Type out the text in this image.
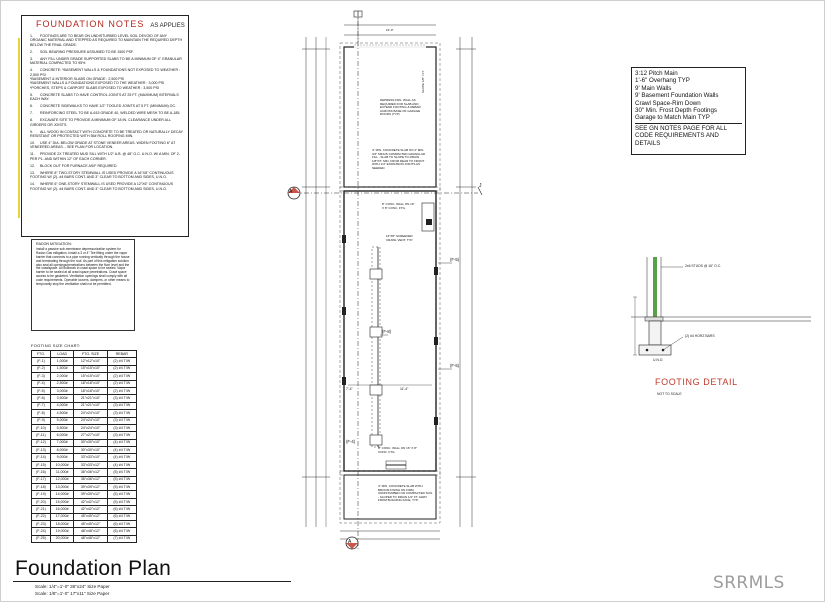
FOUNDATION NOTES AS APPLIES
1. FOOTINGS ARE TO BEAR ON UNDISTURBED LEVEL SOIL DEVOID OF ANY ORGANIC MATERIAL AND STEPPED AS REQUIRED TO MAINTAIN THE REQUIRED DEPTH BELOW THE FINAL GRADE.
2. SOIL BEARING PRESSURE ASSUMED TO BE 1500 PSF.
3. ANY FILL UNDER GRADE SUPPORTED SLABS TO BE A MINIMUM OF 4" GRANULAR MATERIAL COMPACTED TO 95%
4. CONCRETE: *BASEMENT WALLS & FOUNDATIONS NOT EXPOSED TO WEATHER : 2,500 PSI
*BASEMENT & INTERIOR SLABS ON GRADE : 2,500 PSI
*BASEMENT WALLS & FOUNDATIONS EXPOSED TO THE WEATHER : 3,000 PSI
*PORCHES, STEPS & CARPORT SLABS EXPOSED TO WEATHER : 3,500 PSI
5. CONCRETE SLABS TO HAVE CONTROL JOINTS AT 25 FT. (MAXIMUM) INTERVALS EACH WAY.
6. CONCRETE SIDEWALKS TO HAVE 1/2" TOOLED JOINTS AT 5 FT. (MINIMUM) OC.
7. REINFORCING STEEL TO BE A-615 GRADE 40, WELDED WIRE MESH TO BE A-185.
8. EXCAVATE SITE TO PROVIDE A MINIMUM OF 18 IN. CLEARANCE UNDER ALL GIRDERS OR JOISTS.
9. ALL WOOD IN CONTACT WITH CONCRETE TO BE TREATED OR NATURALLY DECAY RESISTANT OR PROTECTED WITH 55# ROLL ROOFING MIN.
10. USE 4" DIA. BELOW GRADE AT STONE VENEER AREAS. WIDEN FOOTING 6" AT VENEERED AREAS. - SEE PLAN FOR LOCATION.
11. PROVIDE 2X TREATED MUD SILL WITH 1/2" A.B. @ 48" O.C. U.N.O. W/ A MIN. OF 2-PER PL. AND WITHIN 12" OF EACH CORNER.
12. BLOCK OUT FOR FURNACE AS/F REQUIRED.
13. WHERE 8" TWO-STORY STEMWALL IS USED PROVIDE A 16"X8" CONTINUOUS FOOTING W/ (2)- #4 BARS CONT. AND 3" CLEAR TO BOTTOM AND SIDES, U.N.O.
14. WHERE 6" ONE-STORY STEMWALL IS USED PROVIDE A 12"X6" CONTINUOUS FOOTING W/ (2)- #4 BARS CONT. AND 3" CLEAR TO BOTTOM AND SIDES, U.N.O.
RADON MITIGATION:
Install a passive sub-membrane depressurization system for Radon Gas mitigation. Install a 3 or 4" Tee fitting under the vapor barrier that connects to a pipe running vertically through the house and terminating through the roof. As part of this mitigation solution also seal all openings/penetrations between the floor level and the the crawlspace. All ductwork in crawl space to be sealed. Vapor barrier to be sealed at all crawl space penetrations. Crawl space access to be gasketed. Ventilation openings shall comply with all code requirements. Operable louvers, dampers, or other means to temporarily stop the ventilation shall not be permitted.
FOOTING SIZE CHART:
FTG.	LOAD	FTG. SIZE	REBAR
(F-1)	1,000#	12"x12"x10"	(2) #4 T/W
(F-2)	1,500#	15"x15"x10"	(2) #4 T/W
(F-3)	2,000#	15"x15"x10"	(2) #4 T/W
(F-4)	2,500#	18"x18"x10"	(2) #4 T/W
(F-5)	3,000#	18"x18"x10"	(2) #4 T/W
(F-6)	3,500#	21"x21"x10"	(3) #4 T/W
(F-7)	4,000#	21"x21"x10"	(3) #4 T/W
(F-8)	4,500#	24"x24"x10"	(3) #4 T/W
(F-9)	5,000#	24"x24"x10"	(3) #4 T/W
(F-10)	5,500#	24"x24"x10"	(3) #4 T/W
(F-11)	6,000#	27"x27"x10"	(3) #4 T/W
(F-12)	7,000#	30"x30"x10"	(4) #4 T/W
(F-13)	8,000#	30"x30"x10"	(4) #4 T/W
(F-14)	9,000#	33"x33"x10"	(4) #4 T/W
(F-15)	10,000#	33"x33"x12"	(4) #4 T/W
(F-16)	11,000#	36"x36"x12"	(5) #4 T/W
(F-17)	12,000#	36"x36"x12"	(5) #4 T/W
(F-18)	13,000#	39"x39"x12"	(5) #4 T/W
(F-19)	14,000#	39"x39"x12"	(5) #4 T/W
(F-20)	15,000#	42"x42"x12"	(5) #4 T/W
(F-21)	16,000#	42"x42"x12"	(6) #4 T/W
(F-22)	17,000#	45"x45"x12"	(6) #4 T/W
(F-23)	18,000#	45"x45"x12"	(6) #4 T/W
(F-24)	19,000#	48"x48"x12"	(6) #4 T/W
(F-25)	20,000#	48"x48"x12"	(7) #4 T/W
A
A
J
16'-0"
DEPRESS FDN. WALL AS REQUIRED FOR SLAB AND EXTEND FOOTING & REBAR ACROSS BASE OF GARAGE DOORS (TYP)
SLOPE 1/8" / FT.
4" MIN. CONCRETE SLAB ON 4" MIN. 3/4" MINUS COMPACTED GRANULAR FILL - SLAB TO SLOPE TO DRAIN 1/8"/FT. MIN. FROM REAR TO FRONT WITH 1/4" EXPANSION JOINTS AS NEEDED
8" CONC. WALL ON 16" X 8" CONC. FTG.
16"X8" SCREENED CRAWL VENT, TYP.
(F-8)
(F-5)
(F-5)
7'-4"	11'-4"
(F-4)
8" CONC. WALL ON 16" X 8" CONC. FTG.
4" MIN. CONCRETE SLAB WITH BROOM FINISH ON FIRM, UNDISTURBED OR COMPACTED SOIL - SLOPED TO DRAIN 1/4" FT. AWAY FROM BUILDING FACE, TYP.
3:12 Pitch Main
1'-6" Overhang TYP
9' Main Walls
9' Basement Foundation Walls
Crawl Space-Rim Down
30" Min. Frost Depth Footings
Garage to Match Main TYP
SEE GN NOTES PAGE FOR ALL CODE REQUIREMENTS AND DETAILS
2x6 STUDS @ 16" O.C.
(2) #4 HORZ BARS
U.N.O.
FOOTING DETAIL
NOT TO SCALE
Foundation Plan
Scale: 1/4"=1'-0" 36"x24" Size Paper
Scale: 1/8"=1'-0" 17"x11" Size Paper
SRRMLS
